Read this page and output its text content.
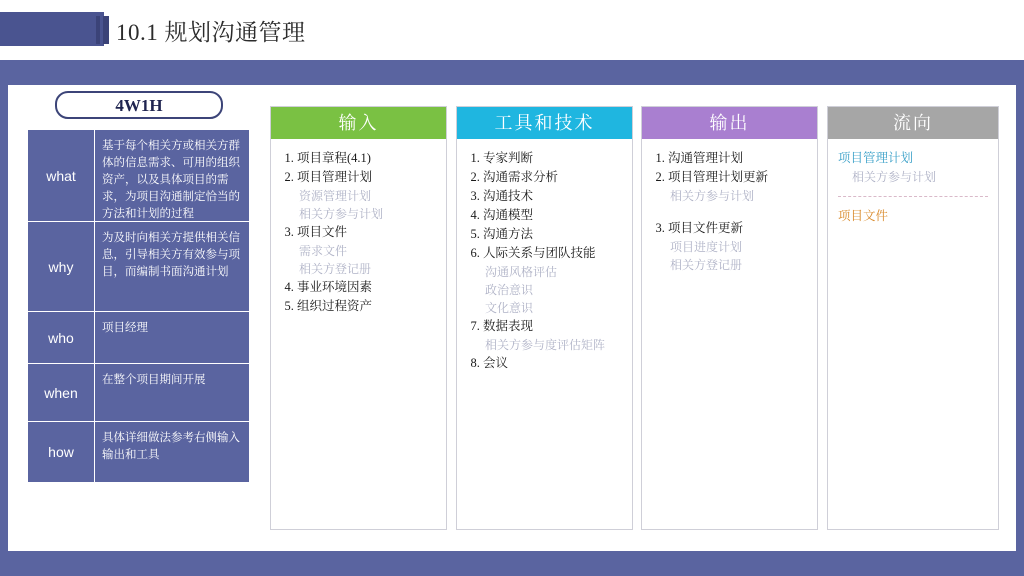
10.1 规划沟通管理
4W1H
what
基于每个相关方或相关方群体的信息需求、可用的组织资产，以及具体项目的需求，为项目沟通制定恰当的方法和计划的过程
why
为及时向相关方提供相关信息，引导相关方有效参与项目，而编制书面沟通计划
who
项目经理
when
在整个项目期间开展
how
具体详细做法参考右侧输入输出和工具
输入
1. 项目章程(4.1)
2. 项目管理计划
资源管理计划
相关方参与计划
3. 项目文件
需求文件
相关方登记册
4. 事业环境因素
5. 组织过程资产
工具和技术
1. 专家判断
2. 沟通需求分析
3. 沟通技术
4. 沟通模型
5. 沟通方法
6. 人际关系与团队技能
沟通风格评估
政治意识
文化意识
7. 数据表现
相关方参与度评估矩阵
8. 会议
输出
1. 沟通管理计划
2. 项目管理计划更新
相关方参与计划
3. 项目文件更新
项目进度计划
相关方登记册
流向
项目管理计划
相关方参与计划
项目文件
